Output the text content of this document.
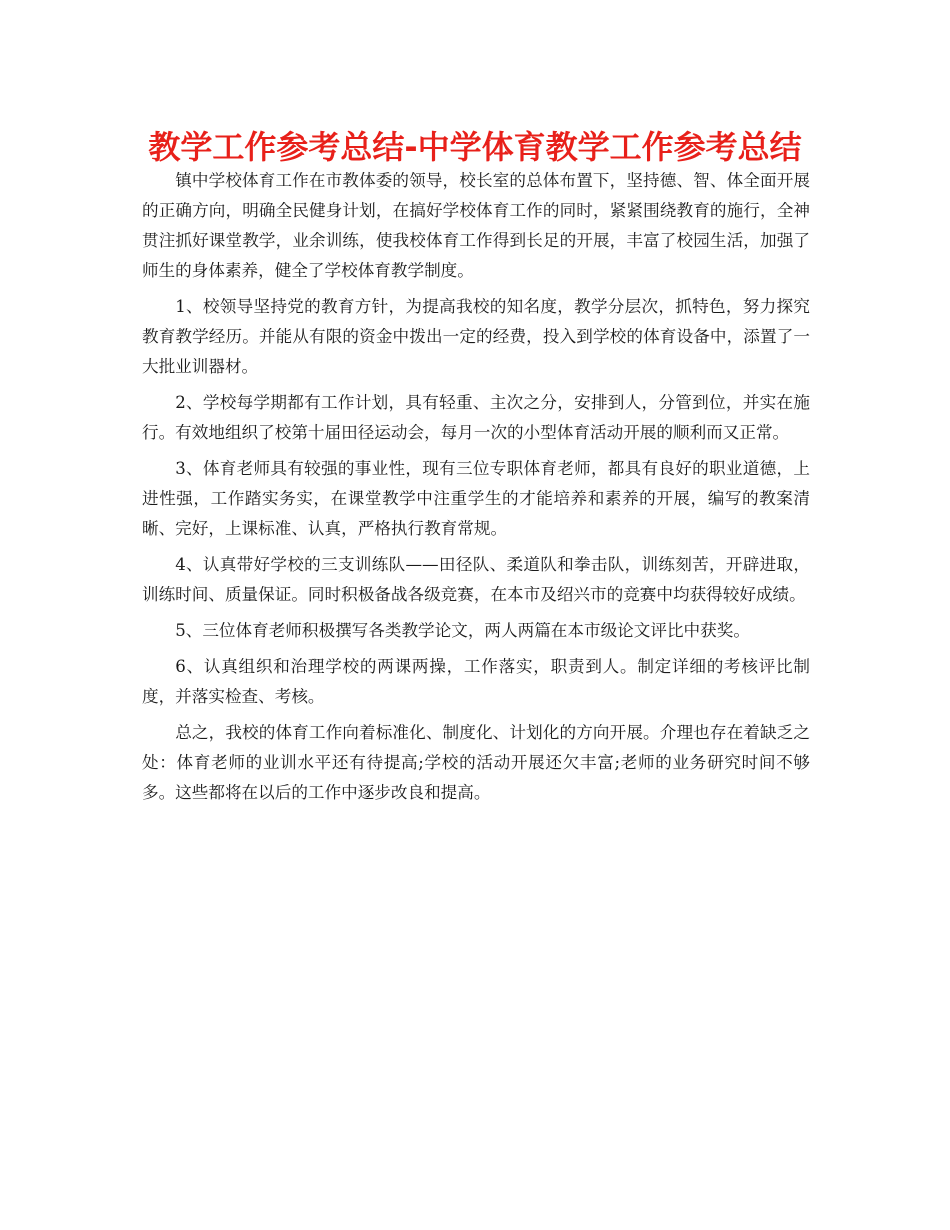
教学工作参考总结-中学体育教学工作参考总结

镇中学校体育工作在市教体委的领导，校长室的总体布置下，坚持德、智、体全面开展的正确方向，明确全民健身计划，在搞好学校体育工作的同时，紧紧围绕教育的施行，全神贯注抓好课堂教学，业余训练，使我校体育工作得到长足的开展，丰富了校园生活，加强了师生的身体素养，健全了学校体育教学制度。

1、校领导坚持党的教育方针，为提高我校的知名度，教学分层次，抓特色，努力探究教育教学经历。并能从有限的资金中拨出一定的经费，投入到学校的体育设备中，添置了一大批业训器材。

2、学校每学期都有工作计划，具有轻重、主次之分，安排到人，分管到位，并实在施行。有效地组织了校第十届田径运动会，每月一次的小型体育活动开展的顺利而又正常。

3、体育老师具有较强的事业性，现有三位专职体育老师，都具有良好的职业道德，上进性强，工作踏实务实，在课堂教学中注重学生的才能培养和素养的开展，编写的教案清晰、完好，上课标准、认真，严格执行教育常规。

4、认真带好学校的三支训练队——田径队、柔道队和拳击队，训练刻苦，开辟进取，训练时间、质量保证。同时积极备战各级竞赛，在本市及绍兴市的竞赛中均获得较好成绩。

5、三位体育老师积极撰写各类教学论文，两人两篇在本市级论文评比中获奖。

6、认真组织和治理学校的两课两操，工作落实，职责到人。制定详细的考核评比制度，并落实检查、考核。

总之，我校的体育工作向着标准化、制度化、计划化的方向开展。介理也存在着缺乏之处：体育老师的业训水平还有待提高;学校的活动开展还欠丰富;老师的业务研究时间不够多。这些都将在以后的工作中逐步改良和提高。
